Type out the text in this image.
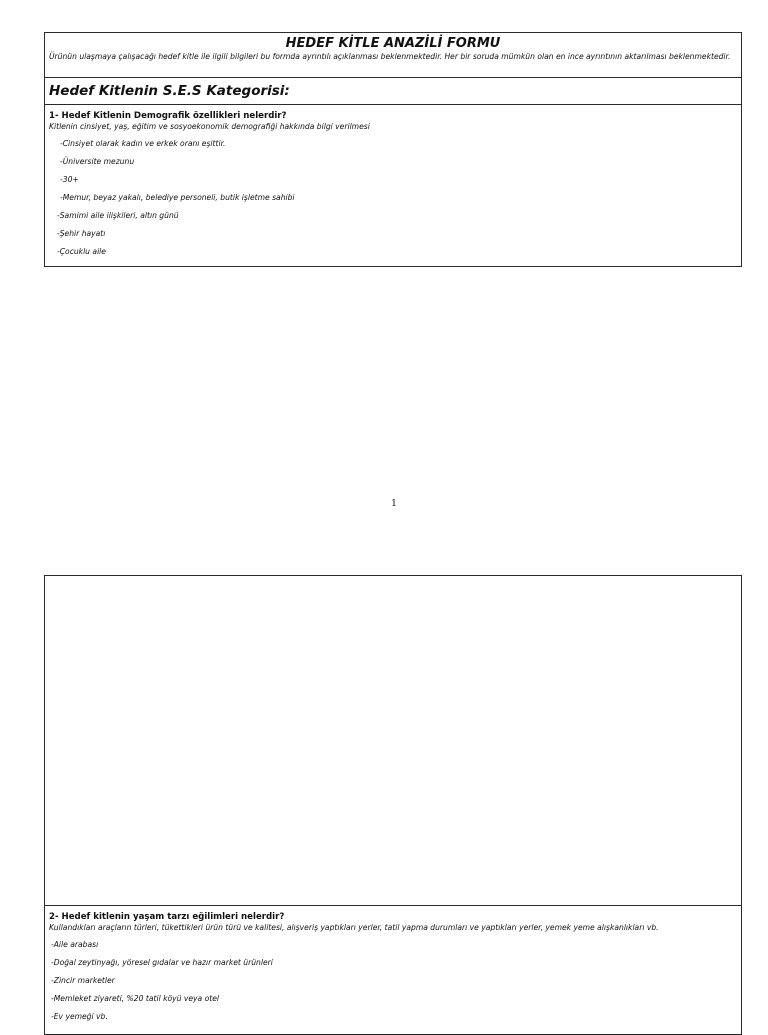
HEDEF KİTLE ANAZİLİ FORMU

Ürünün ulaşmaya çalışacağı hedef kitle ile ilgili bilgileri bu formda ayrıntılı açıklanması beklenmektedir. Her bir soruda mümkün olan en ince ayrıntının aktarılması beklenmektedir.

Hedef Kitlenin S.E.S Kategorisi:

1- Hedef Kitlenin Demografik özellikleri nelerdir?

Kitlenin cinsiyet, yaş, eğitim ve sosyoekonomik demografiği hakkında bilgi verilmesi

-Cinsiyet olarak kadın ve erkek oranı eşittir.
-Üniversite mezunu
-30+
-Memur, beyaz yakalı, belediye personeli, butik işletme sahibi
-Samimi aile ilişkileri, altın günü
-Şehir hayatı
-Çocuklu aile
1

2- Hedef kitlenin yaşam tarzı eğilimleri nelerdir?

Kullandıkları araçların türleri, tükettikleri ürün türü ve kalitesi, alışveriş yaptıkları yerler, tatil yapma durumları ve yaptıkları yerler, yemek yeme alışkanlıkları vb.

-Aile arabası
-Doğal zeytinyağı, yöresel gıdalar ve hazır market ürünleri
-Zincir marketler
-Memleket ziyareti, %20 tatil köyü veya otel
-Ev yemeği vb.
